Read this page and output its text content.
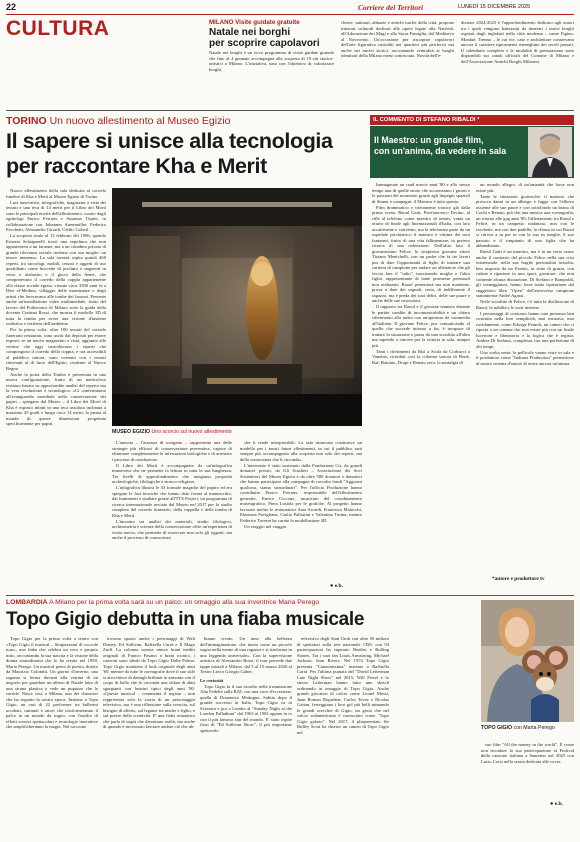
22	Corriere dei Territori	LUNEDÌ 15 DICEMBRE 2025
CULTURA	MILANO Visite guidate gratuite
Natale nei borghi
per scoprire capolavori
Natale nei borghi è un ricco programma di visite guidate gratuite che fino al 4 gennaio accompagna alla scoperta di 19 siti storico-artistici a Milano. L'iniziativa, nata con l'obiettivo di valorizzare borghi,
chiese, santuari, abbazie e antichi nuclei della città, propone itinerari culturali dedicati alle opere legate alla Natività, all'Adorazione dei Magi e alla Sacra Famiglia, dal Medioevo al Novecento. Un'occasione per riscoprire capolavori dell'arte figurativa custoditi nei quartieri più periferici ma anche nei nuclei storici, raccontando centralità ai luoghi identitari della Milano meno conosciuta. Novità dell'e-
dizione 2024-2025 è l'approfondimento dedicato agli autori tra i quali vengono battezzati da itinerari i nuovi borghi ospitati dagli inglobati nella città moderna – come Figino, Monluè, Trenno – le cui vie, case e architetture conservano ancora il carattere tipicamente meneghino dei secoli passati. Il calendario completo e le modalità di prenotazione sono disponibili sui canali ufficiali del Comune di Milano e dell'Associazione Antichi Borghi Milanesi.
TORINO Un nuovo allestimento al Museo Egizio
Il sapere si unisce alla tecnologia
per raccontare Kha e Merit

Nuovo allestimento della sala dedicata al corredo funebre di Kha e Merit al Museo Egizio di Torino.

Luci innovative, infografiche, magazzini a vista dei tessuti e una teca di 14 metri per il Libro dei Morti sono le principali novità dell'allestimento, curato dagli egittologi Enrico Ferraris e Susanne Töpfer, in collaborazione con Johannes Auenmüller, Federica Facchetti, Alessandro Girardi, Cédric Gobeil.

La scoperta risale al 15 febbraio del 1906, quando Ernesto Schiaparelli trovò una sepoltura che non apparteneva a un faraone, ma a un cittadino privato di grande rilevanza sociale insieme con sua moglie: un tesoro immenso. La sala tornerà ospita quindi 460 reperti, tra sarcofagi, mobili, tessuti e oggetti di uso quotidiano come boccette di profumi e unguenti in vetro e alabastro e il gioco della Senet, che componevano il corredo della coppia appartenente alla classe sociale egizia, vissuta circa 3500 anni fa a Deir el-Medina, villaggio delle maestranze e degli artisti che lavoravano alle tombe dei faraoni. Presente anche un'installazione video multimediale, frutto del lavoro del Politecnico di Milano sotto la guida della docente Corinna Rossi, che mostra il modello 3D di tutta la tomba per avere una visione d'insieme realistica e veritiera dell'ambiente.

Per la prima volta, oltre 100 tessuti del corredo funerario restaurati, sono usciti dai depositi per essere esposti: se un nuovo magazzino a vista, aggiunto alle vetrine che oggi custodiscono i reperti che compongono il corredo della coppia, e ora accessibili al pubblico tuttora, sono coerenti con i tessuti rinvenuti al di fuori dell'Egitto, risalente al Nuovo Regno.

Anche la porta della Tomba è presentata in una nuova configurazione, frutto di un meticoloso restauro basato su approfondite analisi del reperto ma la vera rivoluzione è tecnologica: «Ci confermiamo all'avanguardia mondiale nella conservazione dei papiri – spiegano dal Museo – il Libro dei Morti di Kha è esposto infatti in una teca assoluta inclinata a massimo 45 gradi e lunga circa 14 metri, la prima al mondo di queste dimensioni progettata specificamente per papiri.

MUSEO EGIZIO Uno scorcio sul nuovo allestimento

L'anossia – l'assenza di ossigeno – rappresenta una delle strategie più efficaci di conservazione preventiva, capace di eliminare completamente le infestazioni biologiche e di arrestare i processi di ossidazione.

Il Libro dei Morti è accompagnato da un'infografica immersiva che ne permette la lettura in tutta la sua lunghezza. Tre livelli di approfondimento che integrano proprietà archeologiche, filologiche e storico-religiose.

L'infografica illustra le 33 formule magiche del papiro ed era spiegato le fasi tecniche che hanno dato forma al manoscritto, dai frammenti e studiate grazie all'TTS Project, un programma di ricerca internazionale avviato dal Museo nel 2017 per lo studio completo del corredo funerario, della cappella e della tomba di Kha e Merit.

L'incontro tra analisi dei materiali, studio filologico, archeometria e scienze della conservazione offre un'esperienza di visita nuova, che permette di osservare non solo gli oggetti, ma anche il processo di conoscenza

che li rende interpretabili. La sala rinnovata costituisce un modello per i nostri futuri allestimenti, in cui il pubblico sarà sempre più accompagnato alla scoperta non solo dei reperti, ma della conoscenza che li circonda».

L'intervento è stato sostenuto dalla Fondazione Crt, da grandi donatori privati, da Gli Scudieri – Associazione dei Soci Sostenitori del Museo Egizio e da oltre 500 donatori e donatrici che hanno partecipato alla campagna di raccolta fondi "Aggiorni qualcosa, siamo straordinari". Per l'ufficio Produzione hanno contribuito Enrico Ferraris, responsabile dell'allestimento generale, Enrico Ciccone, incaricato del coordinamento museografico, Piera Lusiola per le grafiche. Al progetto hanno lavorato inoltre le restauratrici Sara Aicardi, Francesca Maiocchi, Eleonora Pavigliana, Giulia Pallottini e Valentina Turina, mentre Federico Taverni ha curato la modellazione 3D.

Un viaggio nel viaggio.

● e.b.
IL COMMENTO DI STEFANO RIBALDI *
Il Maestro: un grande film,
con un'anima, da vedere in sala

Immaginate un road movie anni '80 e allo stesso tempo una di quelle storie che accarezzano i giorni e le passioni del momento grazie agli impegni spaziali di Sinner e compagni: il Maestro è tutto questo.

Film drammatico e trietamente ironico già dalla prima scena, Raoul Gatti, Pierfrancesco Favino, al rifle al telefono come maestro di tennis, vanta un ottavo di finale agli Internazionali d'Italia, con loro accattivante e convento, ma la telefonata parte da un ospedale psichiatrico il maestro è vittima dei suoi fantasmi, frutto di una vita fallimentare, in preteso ricerca di una redenzione. Dall'altro lato il giovanissimo Felice, lo strepitoso giovane attore Tiziano Menichelli, con un padre che fa tre lavori pur di dare l'opportunità al figlio di iniziare una carriera di campione per andare un allenatore che gli faccia fare il "salto", trascinando moglie e l'altra figlia, rappresentante di tante promesse personali non realizzate. Raoul presenterà ma non mantiene, prova a dare dei segnali, certa, di indifferente il ragazzo, ma è preda dei suoi deliri, delle sue paure e anche delle sue ossessioni.

Il rapporto tra Raoul e il giovane tennista durante le partite condite di incomunicabilità e un chiaro riferimento alla satira con un'apertura da commedia all'italiana. Il giovane Felice, pur comunicando al quello che succede intorno a lui, è incapace di trattare la situazione e passa da una sconfitta all'altra ma sapendo a vincere per la vittoria in sala, sempre più.

Tanti i riferimenti da Risi a Scola da Corbucci a Vanzina, ricordati così la colonna sonora di Bertè, Raf, Battiato, Drupi e Renato zero, la nostalgia di

un mondo allegro, di un'umanità che forse non esiste più.

Tante le situazioni grottesche: il maestro che provoca danni in un albergo e fugge con l'allievo assieme alle sue paure e con sottofondo un brano di Cochi e Renato, più che una musica una scenografia, un ritorno alle gag anni '80; l'allenamento tra Raoul e Felice, in un campetto riadattato, non con le racchette, ma con due padelle; la chiusa in cui Raoul si ritrova a tu per tu con la sua ex moglie, il suo passato e il rimpianto di una figlia che ha abbandonato.

Raoul Gatti è un maestro, ma è in un certo senso anche il contrario del piccolo Felice nella sua crisi esistenziale, nella sua fragile personalità irrisolta, ben rasposta da un Favino, in stato di grazia, con cadute e riparture in uno sport, giostrare, che non consente alcuna distrazione. Di Stefano e Rampoldi, gli sceneggiatori, hanno forse tratto ispirazione dal suggestivo libro "Open" dell'estroverso campione statunitense André Agassi.

Nelle sconfitte di Felice, c'è tutta la disillusione di Raoul, la nobiltà e le sorti insieme.

I personaggi di contorno hanno una presenza ben costruita nella loro semplicità, mai invasiva, mai ruvidamente, come Edwige Fenech, un cameo che ci riporta a un cinema che non esiste più con un finale lucertose e liberatorio e la logica che è regista, Andrea Di Stefano, complessa con una perfezione di alti tempi.

Una scelta netta: le pellicole vanno viste in sala e il produttore come "Indiana Production" permettono al nostro cinema d'autore di avere ancora un'anima.

*autore e produttore tv
LOMBARDIA A Milano per la prima volta sarà su un palco: un omaggio alla sua inventrice Maria Perego
Topo Gigio debutta in una fiaba musicale

Topo Gigio per la prima volta a teatro con «Topo Gigio il musical – Strapazzami di coccole tour», una fiaba che celebra un vero e proprio mito, raccontando la sua nascita e la visione della donna straordinaria che lo ha creato nel 1959, Maria Perego. Un musical pieno di poesia, diretto da Maurizio Colombi. Un giorno d'inverno, una ragazza si ferma davanti alla vetrina di un negozio per guardare un albero di Natale fatto di una strana plastica e vede un pupazzo che le sorride. Nasce così, a Milano, uno dei character che ha segnato la nostra epoca. Insieme a Topo Gigio, un cast di 22 performer tra ballerini acrobati, cantanti e attori che trasformeranno il palco in un mondo da sogno, con l'ausilio di effetti scenici spettacolari e tecnologie interattive che amplificheranno la magia. Nel racconto

trovano spazio anche i personaggi di Walt Disney, Ed Sullivan, Raffaella Carrà e Il Mago Zurlì. La colonna sonora unisce brani inediti originali di Franco Fasano a brani iconici, i canzoni sono ideali da Topo Gigio Dalla Palma: Topo Gigio mantiene il look originale degli anni '60, mentre da tutte le coreografie dove il suo stile si arricchisce di dettagli brillanti in armonia con il corpo di ballo che lo circonda una sfilata di abiti sgargianti con lustrini tipici degli anni '80. «Questo musical – commenta il regista – non rappresenta solo la storia di un personaggio televisivo, ma è una riflessione sulla crescita, sul bisogno di affetto, sul legame tra madre e figlio, e sul potere della creatività. E' una fiaba romantica che parla di sogni che diventano realtà, ma anche di quando è necessario lasciare andare ciò che ab-

biamo creato. Un inno alla bellezza dell'immaginazione, che inizia come un piccolo sogno nella mente di una ragazza e si trasforma in una leggenda universale». Con la supervisione artistica di Alessandro Rossi, il tour prevede due tappe iniziali a Milano, dal 5 al 15 marzo 2026 al Teatro Lirico Giorgio Gaber.

Le curiosità

Topo Gigio fa il suo esordio nella trasmissione Alta Fedeltà sulla RAI, con una voce d'eccezione: quella di Domenico Modugno. Subito dopo il grande successo in Italia, Topo Gigio va in Svizzera e poi a Londra al "Sunday Night at the London Palladium" dal 1963 al 1981 appare in tv con il più famoso star del mondo. E' stato ospite fisso di "Ed Sullivan Show", il più importante spettacolo

televisivo degli Stati Uniti con oltre 50 milioni di spettatori sulla rete nazionale CBS: con 94 partecipazioni ha superato Beatles e Rolling Stones. Tra i suoi fan Louis Armstrong, Michael Jackson, Joan Rivers. Nel 1974 Topo Gigio presenta "Canzonissima" insieme a Raffaella Carrà. Per l'ultima puntata del "David Letterman Late Night Show" nel 2015, Will Ferrel e lo stesso Letterman hanno fatto uno sketch ordinando in omaggio di Topo Gigio. Anche grandi giocatori di calcio come Lionel Messi, Juan Roman Riquelme, Carlos Tevez e Nicolas Gaitan, festeggiano i loro gol più belli mimando le grandi orecchie di Gigio, un gesto che nel calcio sudamericano è conosciuto come "Topo Gigio golazo". Nel 2017, il plurpremiato Sir Ridley Scott ha chiesto un cameo di Topo Gigio nel

TOPO GIGIO con Marta Perego

suo film "All the money in the world", È come non ricordare la sua partecipazione al Festival della canzone italiana a Sanremo nel 2025 con Lucio Corsi nella serata dedicata alle cover.

● e.b.
